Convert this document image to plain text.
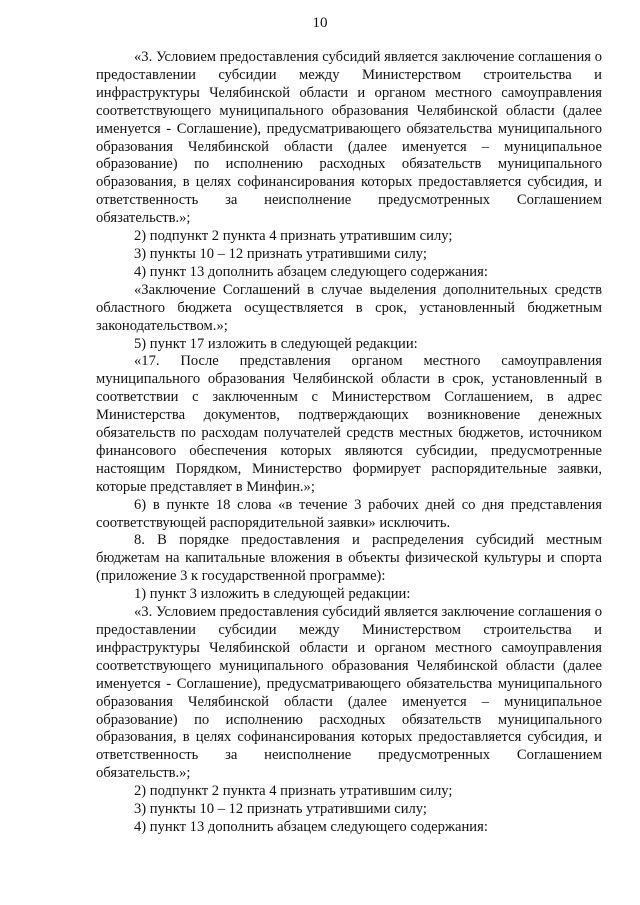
10

«3. Условием предоставления субсидий является заключение соглашения о предоставлении субсидии между Министерством строительства и инфраструктуры Челябинской области и органом местного самоуправления соответствующего муниципального образования Челябинской области (далее именуется - Соглашение), предусматривающего обязательства муниципального образования Челябинской области (далее именуется – муниципальное образование) по исполнению расходных обязательств муниципального образования, в целях софинансирования которых предоставляется субсидия, и ответственность за неисполнение предусмотренных Соглашением обязательств.»;

2) подпункт 2 пункта 4 признать утратившим силу;

3) пункты 10 – 12 признать утратившими силу;

4) пункт 13 дополнить абзацем следующего содержания:

«Заключение Соглашений в случае выделения дополнительных средств областного бюджета осуществляется в срок, установленный бюджетным законодательством.»;

5) пункт 17 изложить в следующей редакции:

«17. После представления органом местного самоуправления муниципального образования Челябинской области в срок, установленный в соответствии с заключенным с Министерством Соглашением, в адрес Министерства документов, подтверждающих возникновение денежных обязательств по расходам получателей средств местных бюджетов, источником финансового обеспечения которых являются субсидии, предусмотренные настоящим Порядком, Министерство формирует распорядительные заявки, которые представляет в Минфин.»;

6) в пункте 18 слова «в течение 3 рабочих дней со дня представления соответствующей распорядительной заявки» исключить.

8. В порядке предоставления и распределения субсидий местным бюджетам на капитальные вложения в объекты физической культуры и спорта (приложение 3 к государственной программе):

1) пункт 3 изложить в следующей редакции:

«3. Условием предоставления субсидий является заключение соглашения о предоставлении субсидии между Министерством строительства и инфраструктуры Челябинской области и органом местного самоуправления соответствующего муниципального образования Челябинской области (далее именуется - Соглашение), предусматривающего обязательства муниципального образования Челябинской области (далее именуется – муниципальное образование) по исполнению расходных обязательств муниципального образования, в целях софинансирования которых предоставляется субсидия, и ответственность за неисполнение предусмотренных Соглашением обязательств.»;

2) подпункт 2 пункта 4 признать утратившим силу;

3) пункты 10 – 12 признать утратившими силу;

4) пункт 13 дополнить абзацем следующего содержания:
